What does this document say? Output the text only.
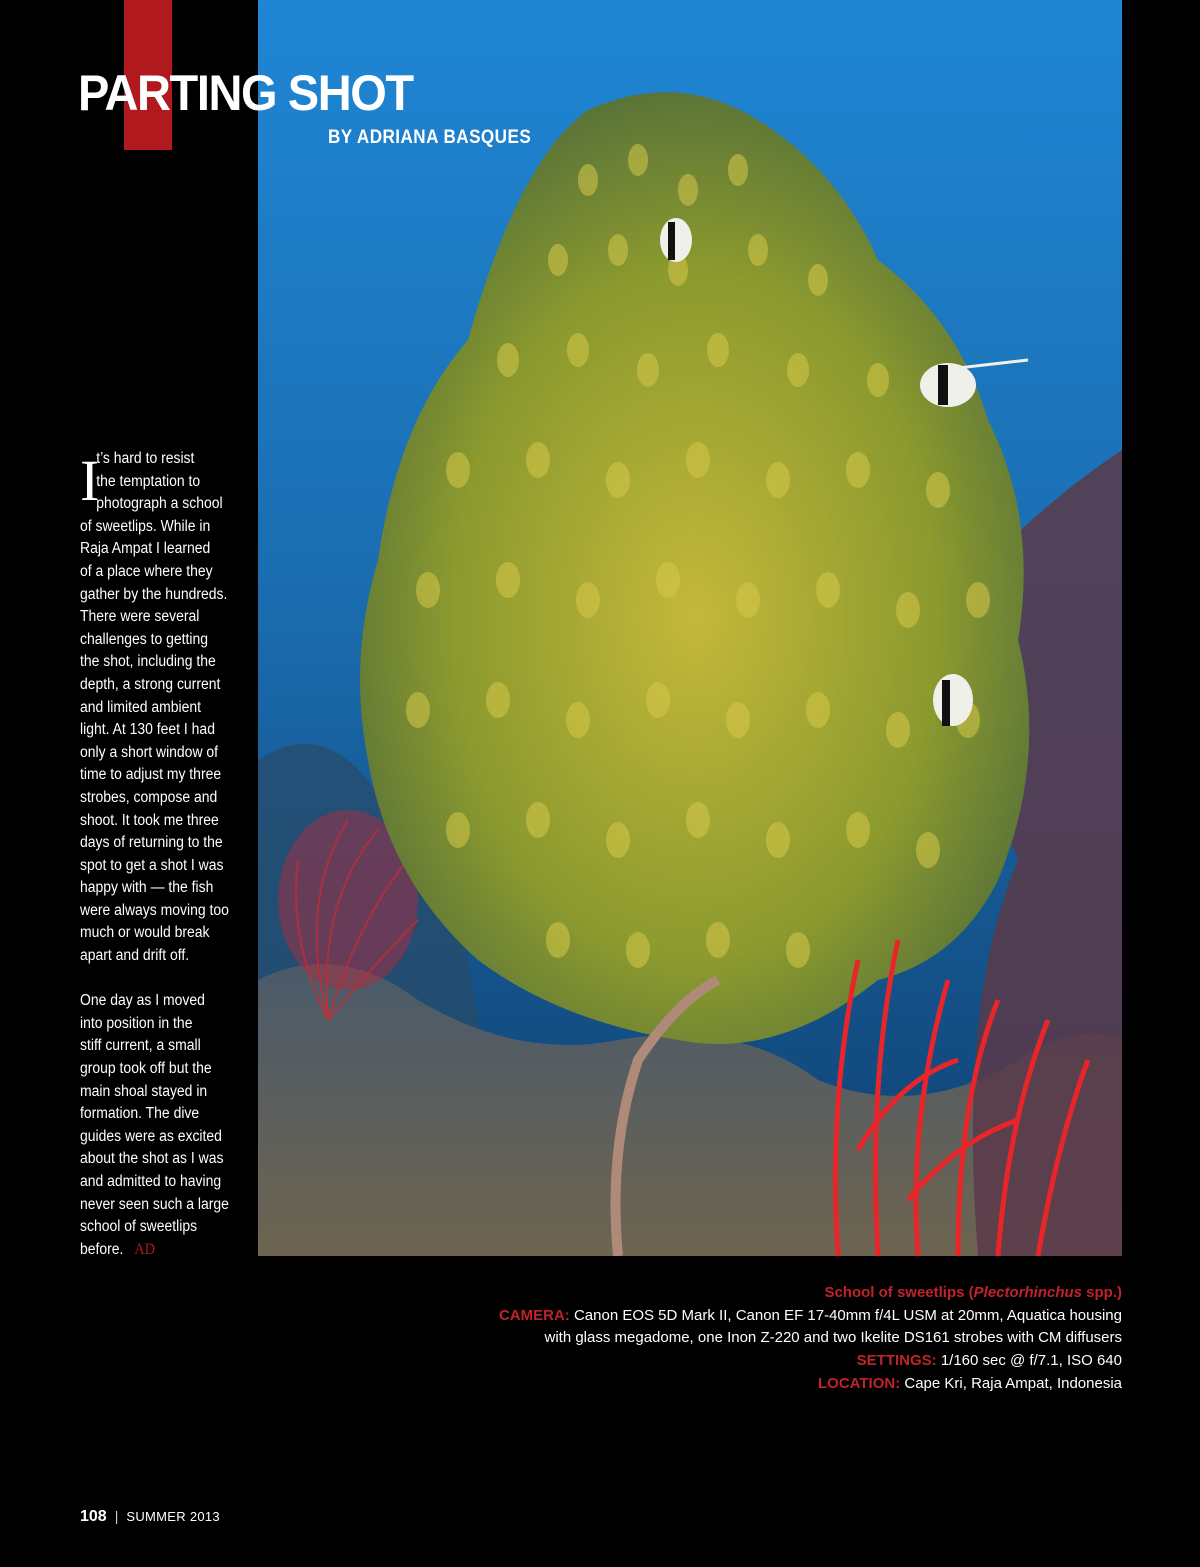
PARTING SHOT
BY ADRIANA BASQUES
I
t’s hard to resist
the temptation to
photograph a school
of sweetlips. While in
Raja Ampat I learned
of a place where they
gather by the hundreds.
There were several
challenges to getting
the shot, including the
depth, a strong current
and limited ambient
light. At 130 feet I had
only a short window of
time to adjust my three
strobes, compose and
shoot. It took me three
days of returning to the
spot to get a shot I was
happy with — the fish
were always moving too
much or would break
apart and drift off.
One day as I moved
into position in the
stiff current, a small
group took off but the
main shoal stayed in
formation. The dive
guides were as excited
about the shot as I was
and admitted to having
never seen such a large
school of sweetlips
before. AD
School of sweetlips (Plectorhinchus spp.)
CAMERA: Canon EOS 5D Mark II, Canon EF 17-40mm f/4L USM at 20mm, Aquatica housing
with glass megadome, one Inon Z-220 and two Ikelite DS161 strobes with CM diffusers
SETTINGS: 1/160 sec @ f/7.1, ISO 640
LOCATION: Cape Kri, Raja Ampat, Indonesia
108 | SUMMER 2013
